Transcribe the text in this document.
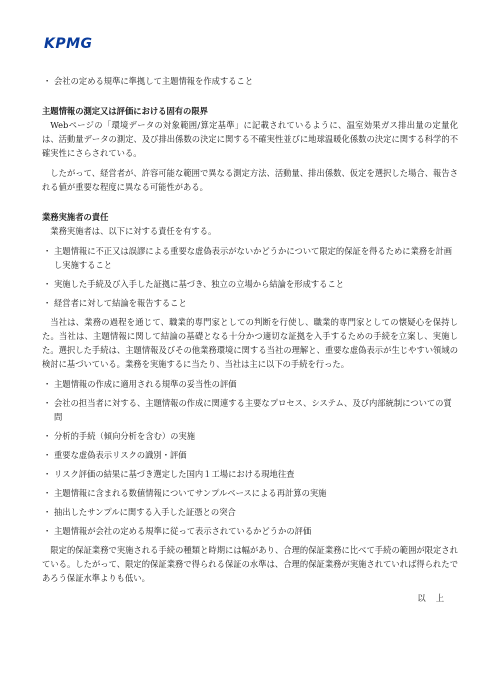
KPMG
・ 会社の定める規準に準拠して主題情報を作成すること
主題情報の測定又は評価における固有の限界

Webページの「環境データの対象範囲/算定基準」に記載されているように、温室効果ガス排出量の定量化は、活動量データの測定、及び排出係数の決定に関する不確実性並びに地球温暖化係数の決定に関する科学的不確実性にさらされている。

したがって、経営者が、許容可能な範囲で異なる測定方法、活動量、排出係数、仮定を選択した場合、報告される値が重要な程度に異なる可能性がある。

業務実施者の責任

業務実施者は、以下に対する責任を有する。

・ 主題情報に不正又は誤謬による重要な虚偽表示がないかどうかについて限定的保証を得るために業務を計画し実施すること
・ 実施した手続及び入手した証拠に基づき、独立の立場から結論を形成すること
・ 経営者に対して結論を報告すること

当社は、業務の過程を通じて、職業的専門家としての判断を行使し、職業的専門家としての懐疑心を保持した。当社は、主題情報に関して結論の基礎となる十分かつ適切な証拠を入手するための手続を立案し、実施した。選択した手続は、主題情報及びその他業務環境に関する当社の理解と、重要な虚偽表示が生じやすい領域の検討に基づいている。業務を実施するに当たり、当社は主に以下の手続を行った。

・ 主題情報の作成に適用される規準の妥当性の評価
・ 会社の担当者に対する、主題情報の作成に関連する主要なプロセス、システム、及び内部統制についての質問
・ 分析的手続（傾向分析を含む）の実施
・ 重要な虚偽表示リスクの識別・評価
・ リスク評価の結果に基づき選定した国内１工場における現地往査
・ 主題情報に含まれる数値情報についてサンプルベースによる再計算の実施
・ 抽出したサンプルに関する入手した証憑との突合
・ 主題情報が会社の定める規準に従って表示されているかどうかの評価

限定的保証業務で実施される手続の種類と時期には幅があり、合理的保証業務に比べて手続の範囲が限定されている。したがって、限定的保証業務で得られる保証の水準は、合理的保証業務が実施されていれば得られたであろう保証水準よりも低い。

以上
